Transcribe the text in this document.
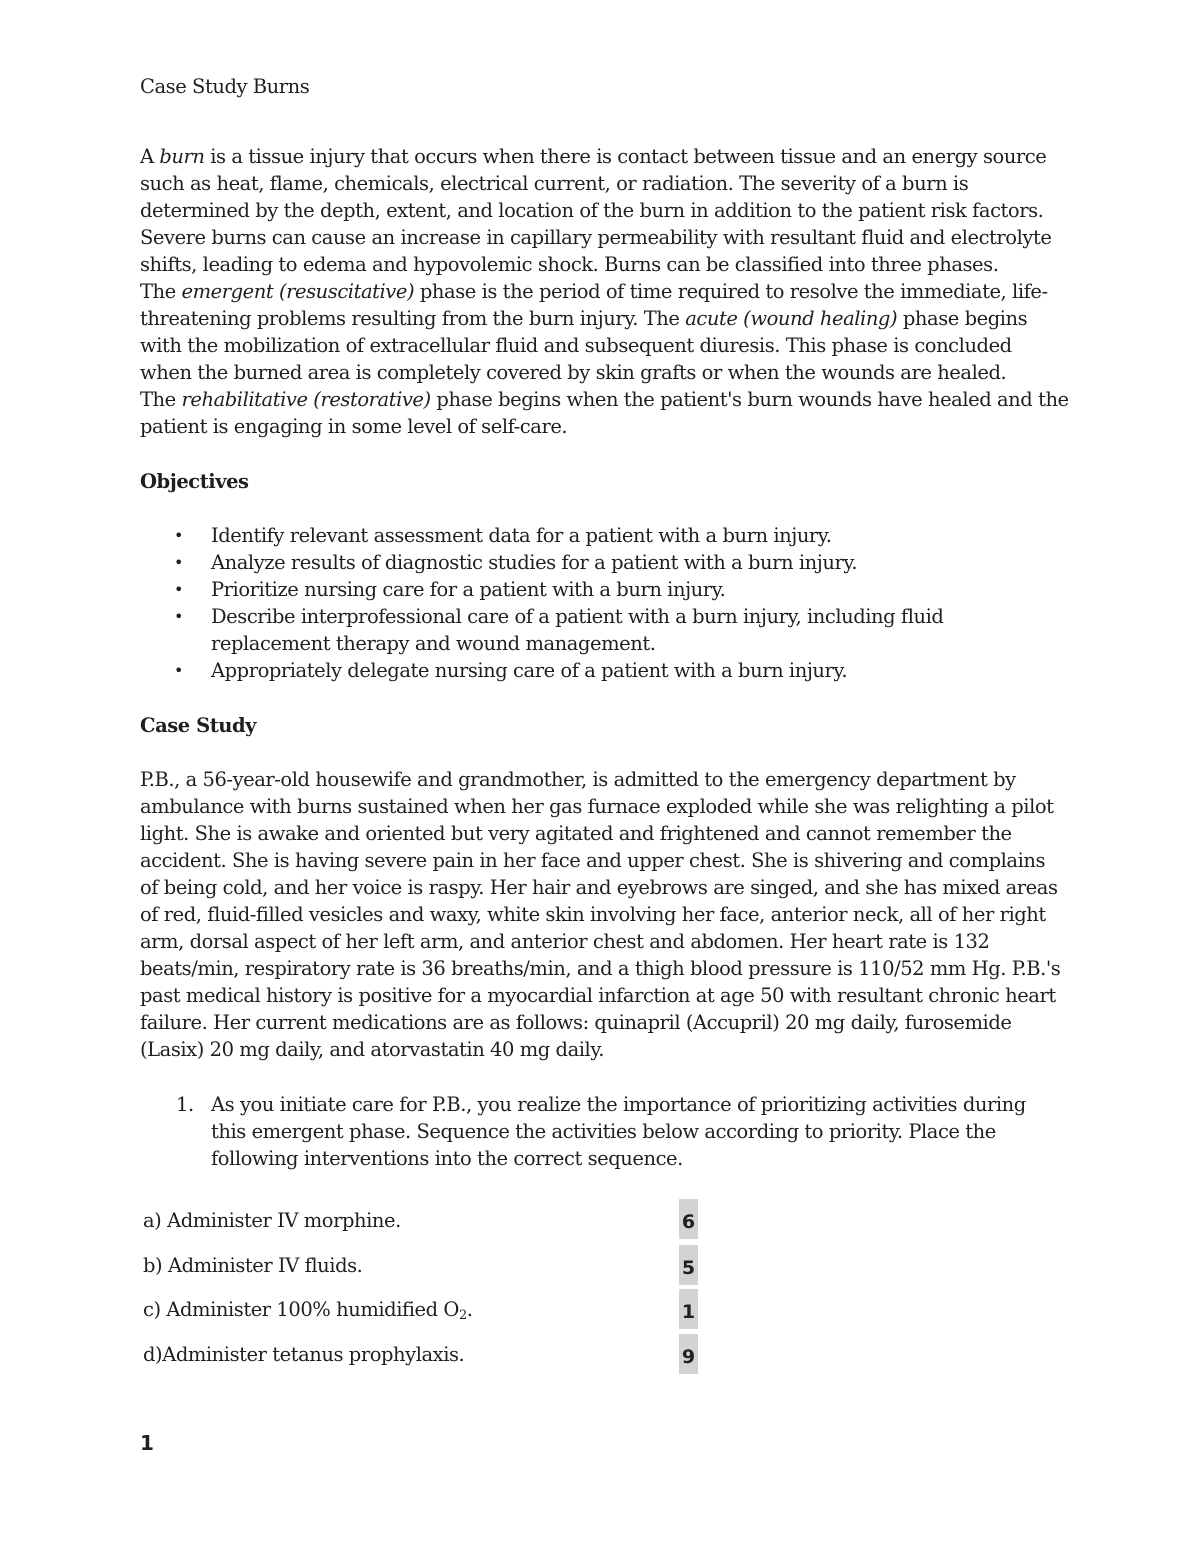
Case Study Burns
A burn is a tissue injury that occurs when there is contact between tissue and an energy source
such as heat, flame, chemicals, electrical current, or radiation. The severity of a burn is
determined by the depth, extent, and location of the burn in addition to the patient risk factors.
Severe burns can cause an increase in capillary permeability with resultant fluid and electrolyte
shifts, leading to edema and hypovolemic shock. Burns can be classified into three phases.
The emergent (resuscitative) phase is the period of time required to resolve the immediate, life-
threatening problems resulting from the burn injury. The acute (wound healing) phase begins
with the mobilization of extracellular fluid and subsequent diuresis. This phase is concluded
when the burned area is completely covered by skin grafts or when the wounds are healed.
The rehabilitative (restorative) phase begins when the patient's burn wounds have healed and the
patient is engaging in some level of self-care.
Objectives
• Identify relevant assessment data for a patient with a burn injury.
• Analyze results of diagnostic studies for a patient with a burn injury.
• Prioritize nursing care for a patient with a burn injury.
• Describe interprofessional care of a patient with a burn injury, including fluid
replacement therapy and wound management.
• Appropriately delegate nursing care of a patient with a burn injury.
Case Study
P.B., a 56-year-old housewife and grandmother, is admitted to the emergency department by
ambulance with burns sustained when her gas furnace exploded while she was relighting a pilot
light. She is awake and oriented but very agitated and frightened and cannot remember the
accident. She is having severe pain in her face and upper chest. She is shivering and complains
of being cold, and her voice is raspy. Her hair and eyebrows are singed, and she has mixed areas
of red, fluid-filled vesicles and waxy, white skin involving her face, anterior neck, all of her right
arm, dorsal aspect of her left arm, and anterior chest and abdomen. Her heart rate is 132
beats/min, respiratory rate is 36 breaths/min, and a thigh blood pressure is 110/52 mm Hg. P.B.'s
past medical history is positive for a myocardial infarction at age 50 with resultant chronic heart
failure. Her current medications are as follows: quinapril (Accupril) 20 mg daily, furosemide
(Lasix) 20 mg daily, and atorvastatin 40 mg daily.
1. As you initiate care for P.B., you realize the importance of prioritizing activities during
this emergent phase. Sequence the activities below according to priority. Place the
following interventions into the correct sequence.
a) Administer IV morphine.	6
b) Administer IV fluids.	5
c) Administer 100% humidified O2.	1
d)Administer tetanus prophylaxis.	9
1
